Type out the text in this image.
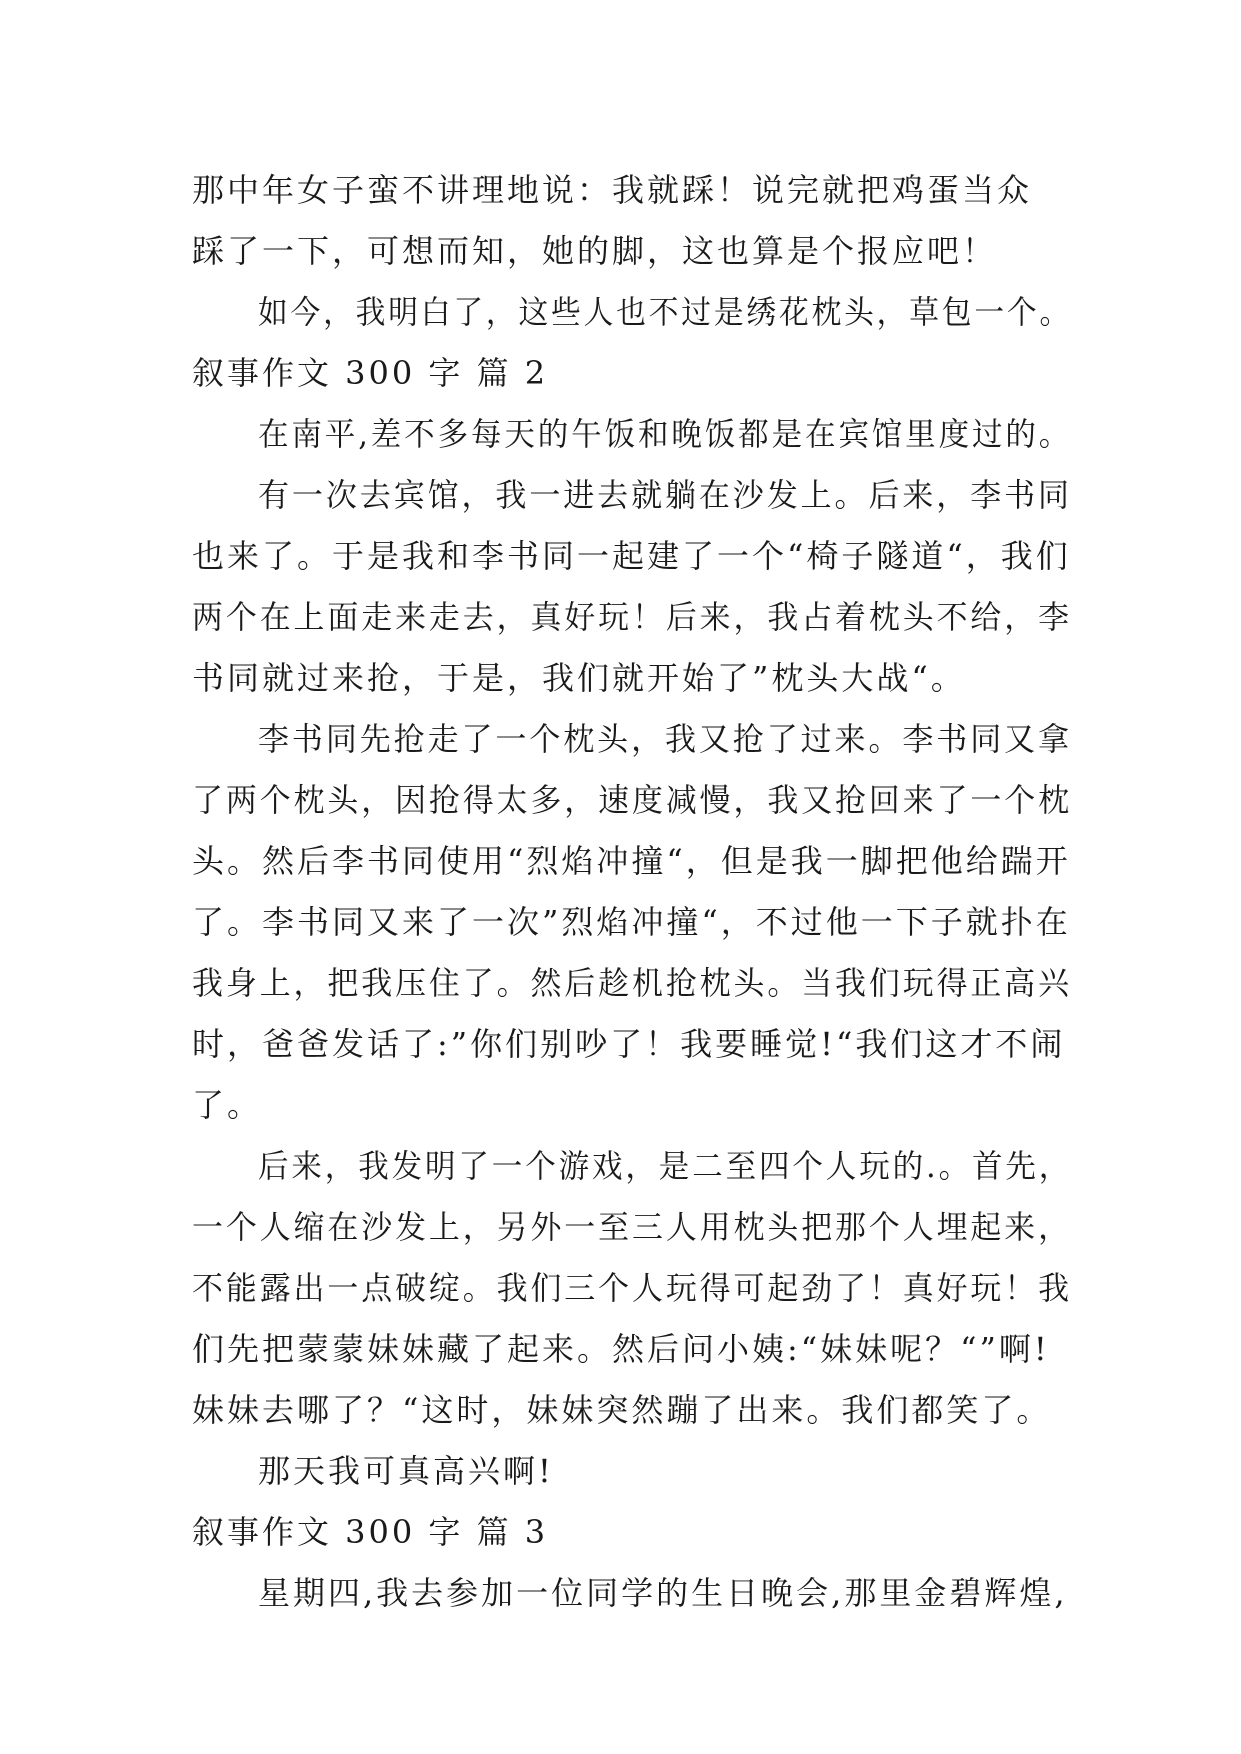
那中年女子蛮不讲理地说：我就踩！说完就把鸡蛋当众
踩了一下，可想而知，她的脚，这也算是个报应吧！
如今，我明白了，这些人也不过是绣花枕头，草包一个。
叙事作文 300 字 篇 2
在南平,差不多每天的午饭和晚饭都是在宾馆里度过的。
有一次去宾馆，我一进去就躺在沙发上。后来，李书同
也来了。于是我和李书同一起建了一个“椅子隧道“，我们
两个在上面走来走去，真好玩！后来，我占着枕头不给，李
书同就过来抢，于是，我们就开始了”枕头大战“。
李书同先抢走了一个枕头，我又抢了过来。李书同又拿
了两个枕头，因抢得太多，速度减慢，我又抢回来了一个枕
头。然后李书同使用“烈焰冲撞“，但是我一脚把他给踹开
了。李书同又来了一次”烈焰冲撞“，不过他一下子就扑在
我身上，把我压住了。然后趁机抢枕头。当我们玩得正高兴
时，爸爸发话了:”你们别吵了！我要睡觉!“我们这才不闹
了。
后来，我发明了一个游戏，是二至四个人玩的.。首先，
一个人缩在沙发上，另外一至三人用枕头把那个人埋起来，
不能露出一点破绽。我们三个人玩得可起劲了！真好玩！我
们先把蒙蒙妹妹藏了起来。然后问小姨:“妹妹呢？“”啊!
妹妹去哪了？“这时，妹妹突然蹦了出来。我们都笑了。
那天我可真高兴啊!
叙事作文 300 字 篇 3
星期四,我去参加一位同学的生日晚会,那里金碧辉煌,
